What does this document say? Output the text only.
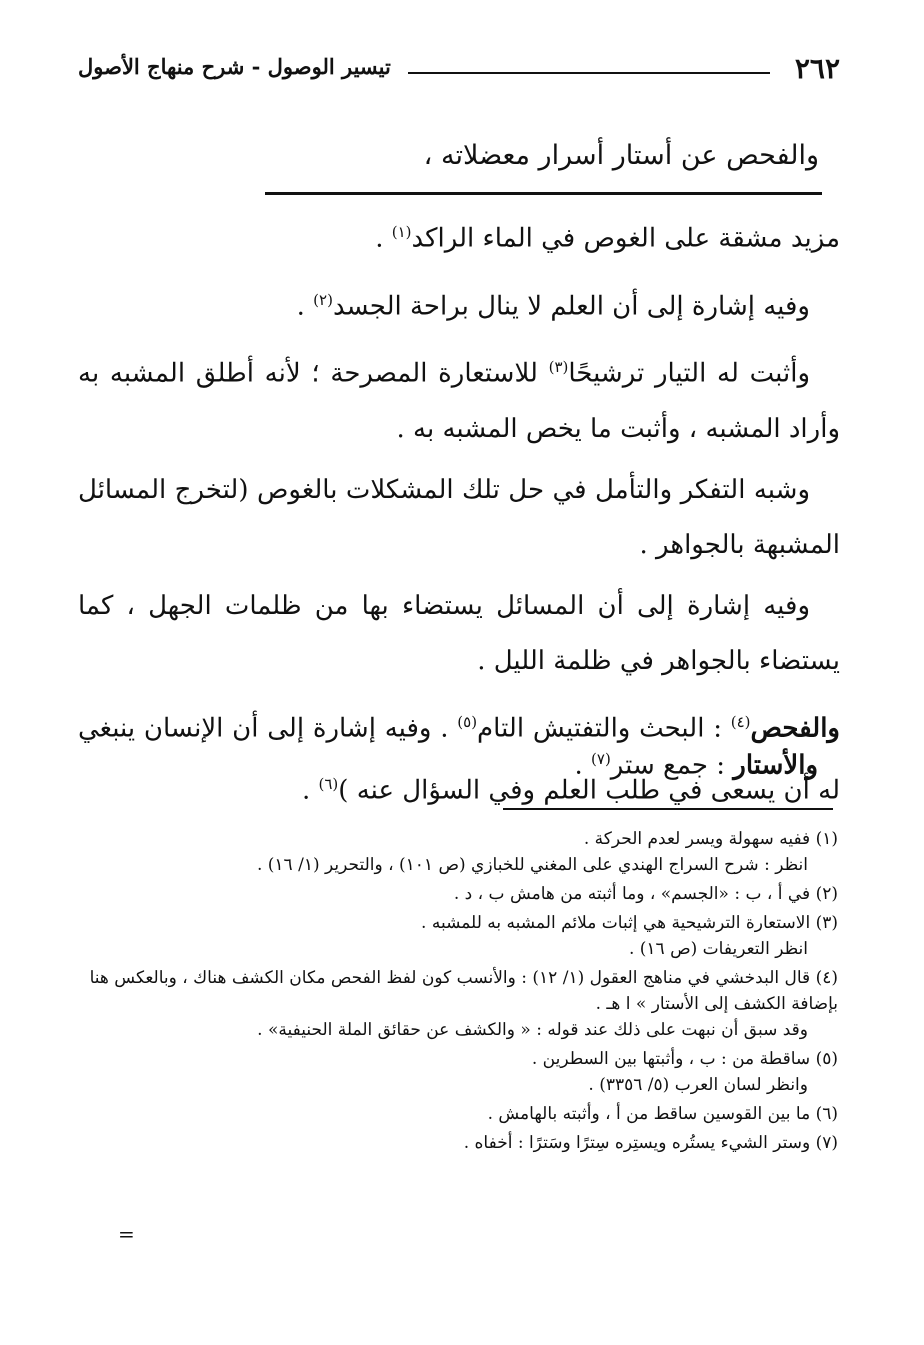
٢٦٢
تيسير الوصول - شرح منهاج الأصول
والفحص عن أستار أسرار معضلاته ،

مزيد مشقة على الغوص في الماء الراكد$^{(١)}$ .

وفيه إشارة إلى أن العلم لا ينال براحة الجسد$^{(٢)}$ .

وأثبت له التيار ترشيحًا$^{(٣)}$ للاستعارة المصرحة ؛ لأنه أطلق المشبه به وأراد المشبه ، وأثبت ما يخص المشبه به .

وشبه التفكر والتأمل في حل تلك المشكلات بالغوص (لتخرج المسائل المشبهة بالجواهر .

وفيه إشارة إلى أن المسائل يستضاء بها من ظلمات الجهل ، كما يستضاء بالجواهر في ظلمة الليل .

والفحص$^{(٤)}$ : البحث والتفتيش التام$^{(٥)}$ . وفيه إشارة إلى أن الإنسان ينبغي له أن يسعى في طلب العلم وفي السؤال عنه )$^{(٦)}$ .

والأستار : جمع ستر$^{(٧)}$ .
(١) ففيه سهولة ويسر لعدم الحركة .
انظر : شرح السراج الهندي على المغني للخبازي (ص ١٠١) ، والتحرير (١/ ١٦) .
(٢) في أ ، ب : «الجسم» ، وما أثبته من هامش ب ، د .
(٣) الاستعارة الترشيحية هي إثبات ملائم المشبه به للمشبه .
انظر التعريفات (ص ١٦) .
(٤) قال البدخشي في مناهج العقول (١/ ١٢) : والأنسب كون لفظ الفحص مكان الكشف هناك ، وبالعكس هنا بإضافة الكشف إلى الأستار » ا هـ .
وقد سبق أن نبهت على ذلك عند قوله : « والكشف عن حقائق الملة الحنيفية» .
(٥) ساقطة من : ب ، وأثبتها بين السطرين .
وانظر لسان العرب (٥/ ٣٣٥٦) .
(٦) ما بين القوسين ساقط من أ ، وأثبته بالهامش .
(٧) وستر الشيء يستُره ويستِره سِترًا وسَترًا : أخفاه .
=
